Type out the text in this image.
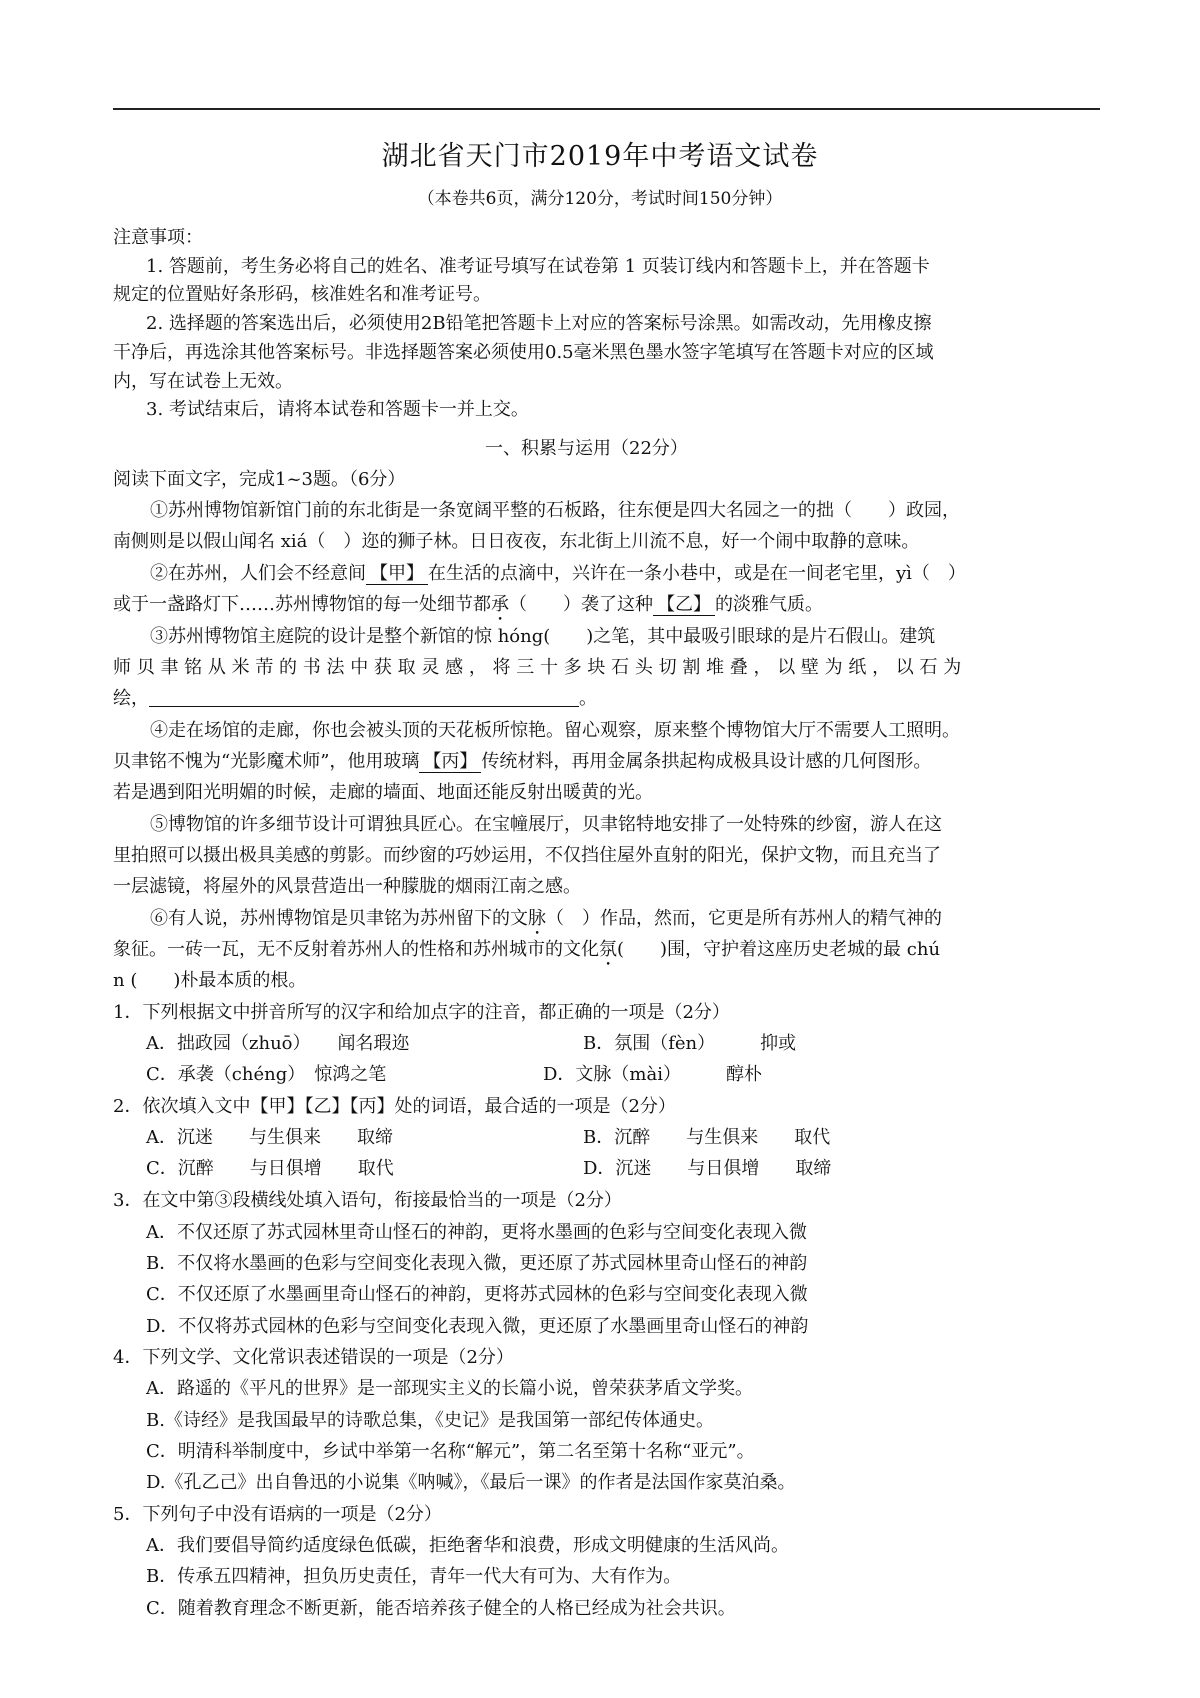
湖北省天门市2019年中考语文试卷
（本卷共6页，满分120分，考试时间150分钟）
注意事项：
1. 答题前，考生务必将自己的姓名、准考证号填写在试卷第 1 页装订线内和答题卡上，并在答题卡
规定的位置贴好条形码，核准姓名和准考证号。
2. 选择题的答案选出后，必须使用2B铅笔把答题卡上对应的答案标号涂黑。如需改动，先用橡皮擦
干净后，再选涂其他答案标号。非选择题答案必须使用0.5毫米黑色墨水签字笔填写在答题卡对应的区域
内，写在试卷上无效。
3. 考试结束后，请将本试卷和答题卡一并上交。
一、积累与运用（22分）
阅读下面文字，完成1~3题。（6分）
①苏州博物馆新馆门前的东北街是一条宽阔平整的石板路，往东便是四大名园之一的拙（　　）政园，
南侧则是以假山闻名 xiá（　）迩的狮子林。日日夜夜，东北街上川流不息，好一个闹中取静的意味。
②在苏州，人们会不经意间 【甲】 在生活的点滴中，兴许在一条小巷中，或是在一间老宅里，yì（　）
或于一盏路灯下……苏州博物馆的每一处细节都承（　　）袭了这种 【乙】 的淡雅气质。
③苏州博物馆主庭院的设计是整个新馆的惊 hóng(　　)之笔，其中最吸引眼球的是片石假山。建筑
师 贝 聿 铭 从 米 芾 的 书 法 中 获 取 灵 感 ， 将 三 十 多 块 石 头 切 割 堆 叠 ， 以 壁 为 纸 ， 以 石 为
绘，	。
④走在场馆的走廊，你也会被头顶的天花板所惊艳。留心观察，原来整个博物馆大厅不需要人工照明。
贝聿铭不愧为“光影魔术师”，他用玻璃 【丙】 传统材料，再用金属条拱起构成极具设计感的几何图形。
若是遇到阳光明媚的时候，走廊的墙面、地面还能反射出暖黄的光。
⑤博物馆的许多细节设计可谓独具匠心。在宝幢展厅，贝聿铭特地安排了一处特殊的纱窗，游人在这
里拍照可以摄出极具美感的剪影。而纱窗的巧妙运用，不仅挡住屋外直射的阳光，保护文物，而且充当了
一层滤镜，将屋外的风景营造出一种朦胧的烟雨江南之感。
⑥有人说，苏州博物馆是贝聿铭为苏州留下的文脉（　）作品，然而，它更是所有苏州人的精气神的
象征。一砖一瓦，无不反射着苏州人的性格和苏州城市的文化氛(　　)围，守护着这座历史老城的最 chú
n (　　)朴最本质的根。
1．下列根据文中拼音所写的汉字和给加点字的注音，都正确的一项是（2分）
A．拙政园（zhuō）　　闻名瑕迩	B．氛围（fèn）　　　抑或
C．承袭（chéng）　惊鸿之笔	D．文脉（mài）　　　醇朴
2．依次填入文中【甲】【乙】【丙】处的词语，最合适的一项是（2分）
A．沉迷　　与生俱来　　取缔	B．沉醉　　与生俱来　　取代
C．沉醉　　与日俱增　　取代	D．沉迷　　与日俱增　　取缔
3．在文中第③段横线处填入语句，衔接最恰当的一项是（2分）
A．不仅还原了苏式园林里奇山怪石的神韵，更将水墨画的色彩与空间变化表现入微
B．不仅将水墨画的色彩与空间变化表现入微，更还原了苏式园林里奇山怪石的神韵
C．不仅还原了水墨画里奇山怪石的神韵，更将苏式园林的色彩与空间变化表现入微
D．不仅将苏式园林的色彩与空间变化表现入微，更还原了水墨画里奇山怪石的神韵
4．下列文学、文化常识表述错误的一项是（2分）
A．路遥的《平凡的世界》是一部现实主义的长篇小说，曾荣获茅盾文学奖。
B.《诗经》是我国最早的诗歌总集，《史记》是我国第一部纪传体通史。
C．明清科举制度中，乡试中举第一名称“解元”，第二名至第十名称“亚元”。
D.《孔乙己》出自鲁迅的小说集《呐喊》，《最后一课》的作者是法国作家莫泊桑。
5．下列句子中没有语病的一项是（2分）
A．我们要倡导简约适度绿色低碳，拒绝奢华和浪费，形成文明健康的生活风尚。
B．传承五四精神，担负历史责任，青年一代大有可为、大有作为。
C．随着教育理念不断更新，能否培养孩子健全的人格已经成为社会共识。
